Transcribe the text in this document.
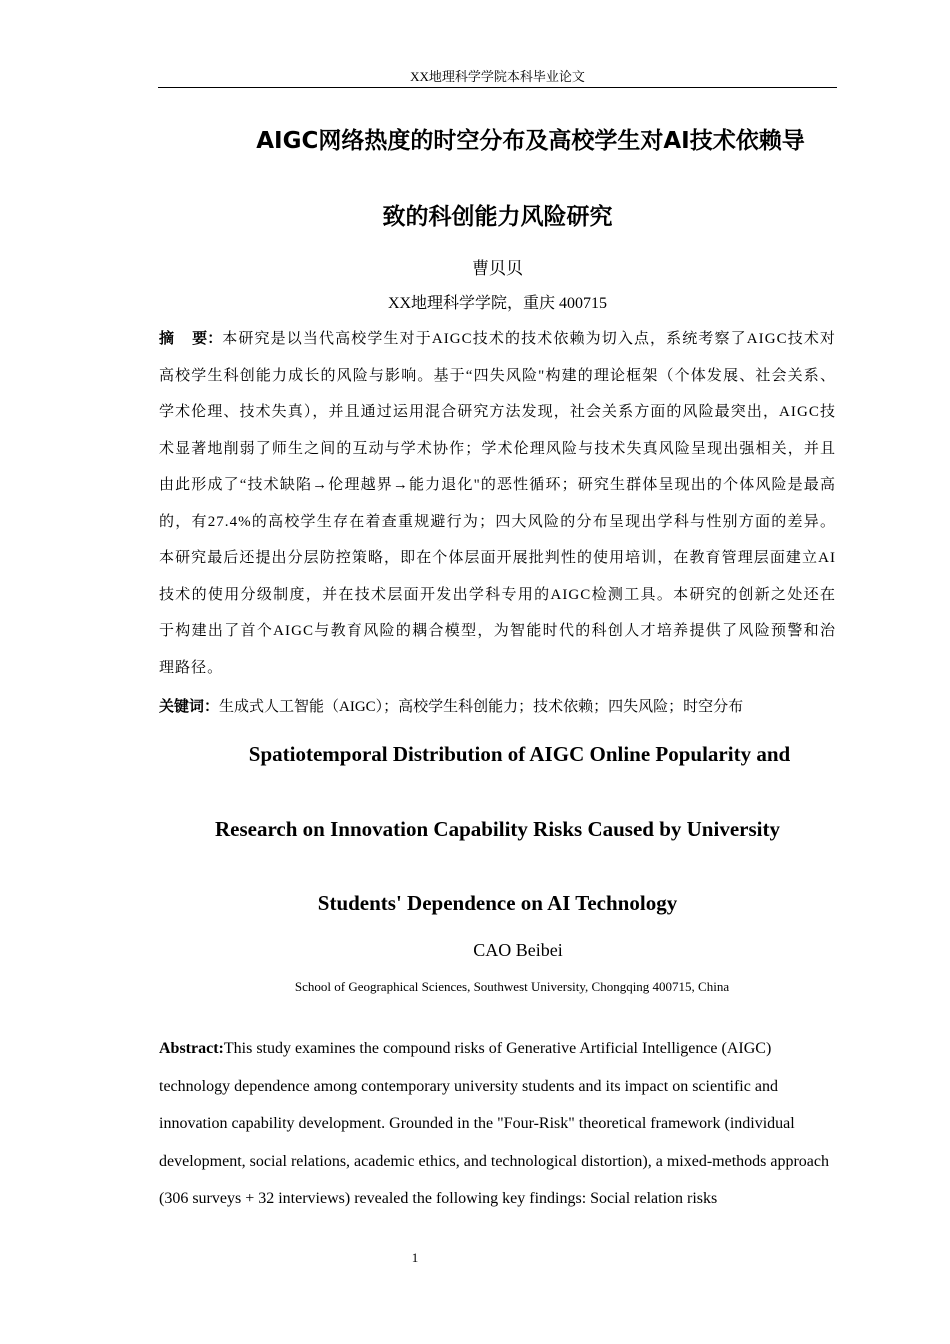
XX地理科学学院本科毕业论文
AIGC网络热度的时空分布及高校学生对AI技术依赖导
致的科创能力风险研究
曹贝贝
XX地理科学学院，重庆 400715
摘 要：本研究是以当代高校学生对于AIGC技术的技术依赖为切入点，系统考察了AIGC技术对高校学生科创能力成长的风险与影响。基于“四失风险"构建的理论框架（个体发展、社会关系、学术伦理、技术失真），并且通过运用混合研究方法发现，社会关系方面的风险最突出，AIGC技术显著地削弱了师生之间的互动与学术协作；学术伦理风险与技术失真风险呈现出强相关，并且由此形成了“技术缺陷→伦理越界→能力退化"的恶性循环；研究生群体呈现出的个体风险是最高的，有27.4%的高校学生存在着查重规避行为；四大风险的分布呈现出学科与性别方面的差异。本研究最后还提出分层防控策略，即在个体层面开展批判性的使用培训，在教育管理层面建立AI技术的使用分级制度，并在技术层面开发出学科专用的AIGC检测工具。本研究的创新之处还在于构建出了首个AIGC与教育风险的耦合模型，为智能时代的科创人才培养提供了风险预警和治理路径。
关键词：生成式人工智能（AIGC）；高校学生科创能力；技术依赖；四失风险；时空分布
Spatiotemporal Distribution of AIGC Online Popularity and
Research on Innovation Capability Risks Caused by University
Students' Dependence on AI Technology
CAO Beibei
School of Geographical Sciences, Southwest University, Chongqing 400715, China
Abstract:This study examines the compound risks of Generative Artificial Intelligence (AIGC) technology dependence among contemporary university students and its impact on scientific and innovation capability development. Grounded in the "Four-Risk" theoretical framework (individual development, social relations, academic ethics, and technological distortion), a mixed-methods approach (306 surveys + 32 interviews) revealed the following key findings: Social relation risks
1
